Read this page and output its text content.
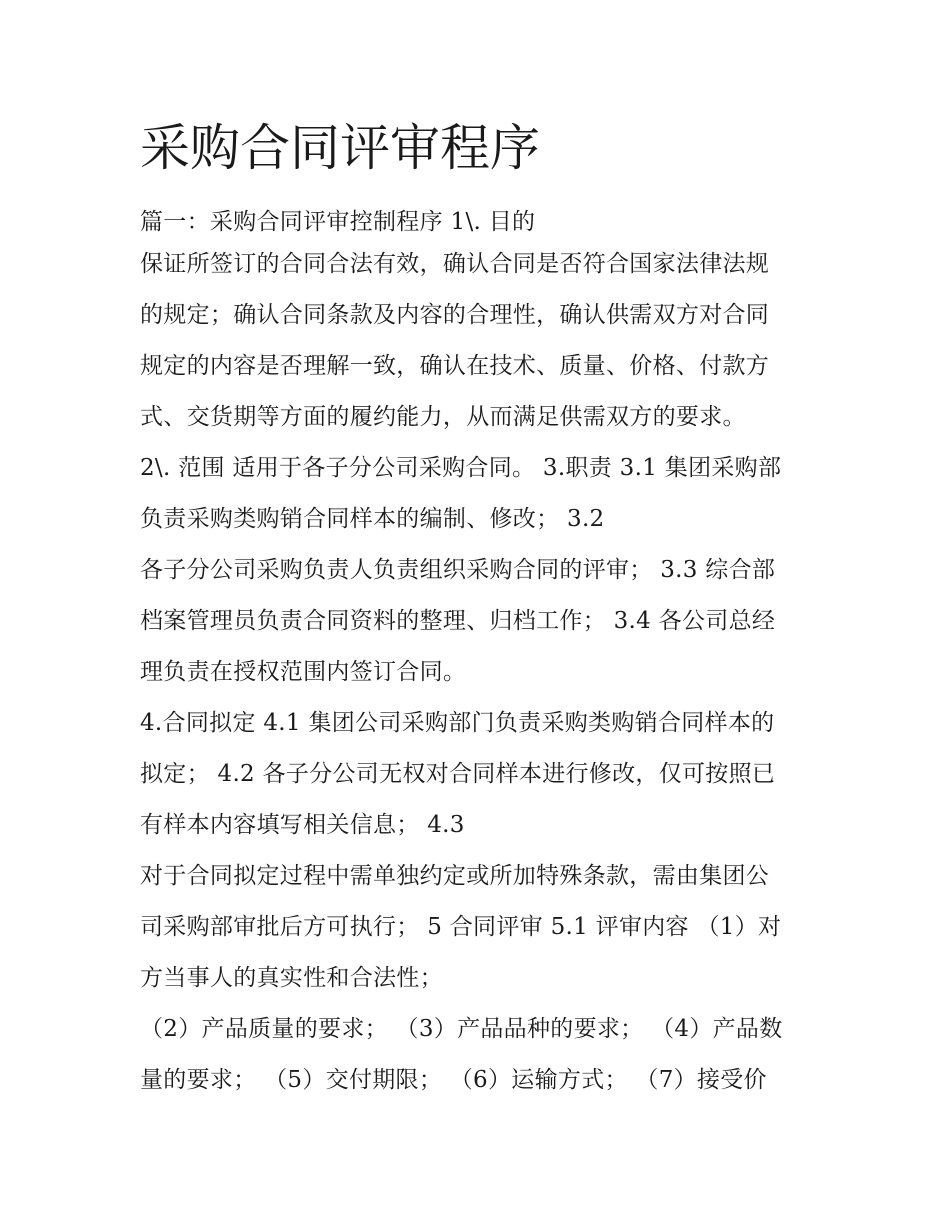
采购合同评审程序
篇一：采购合同评审控制程序 1\. 目的
保证所签订的合同合法有效，确认合同是否符合国家法律法规
的规定；确认合同条款及内容的合理性，确认供需双方对合同
规定的内容是否理解一致，确认在技术、质量、价格、付款方
式、交货期等方面的履约能力，从而满足供需双方的要求。
2\. 范围 适用于各子分公司采购合同。 3.职责 3.1 集团采购部
负责采购类购销合同样本的编制、修改； 3.2
各子分公司采购负责人负责组织采购合同的评审； 3.3 综合部
档案管理员负责合同资料的整理、归档工作； 3.4 各公司总经
理负责在授权范围内签订合同。
4.合同拟定 4.1 集团公司采购部门负责采购类购销合同样本的
拟定； 4.2 各子分公司无权对合同样本进行修改，仅可按照已
有样本内容填写相关信息； 4.3
对于合同拟定过程中需单独约定或所加特殊条款，需由集团公
司采购部审批后方可执行； 5 合同评审 5.1 评审内容 （1）对
方当事人的真实性和合法性；
（2）产品质量的要求； （3）产品品种的要求； （4）产品数
量的要求； （5）交付期限； （6）运输方式； （7）接受价
